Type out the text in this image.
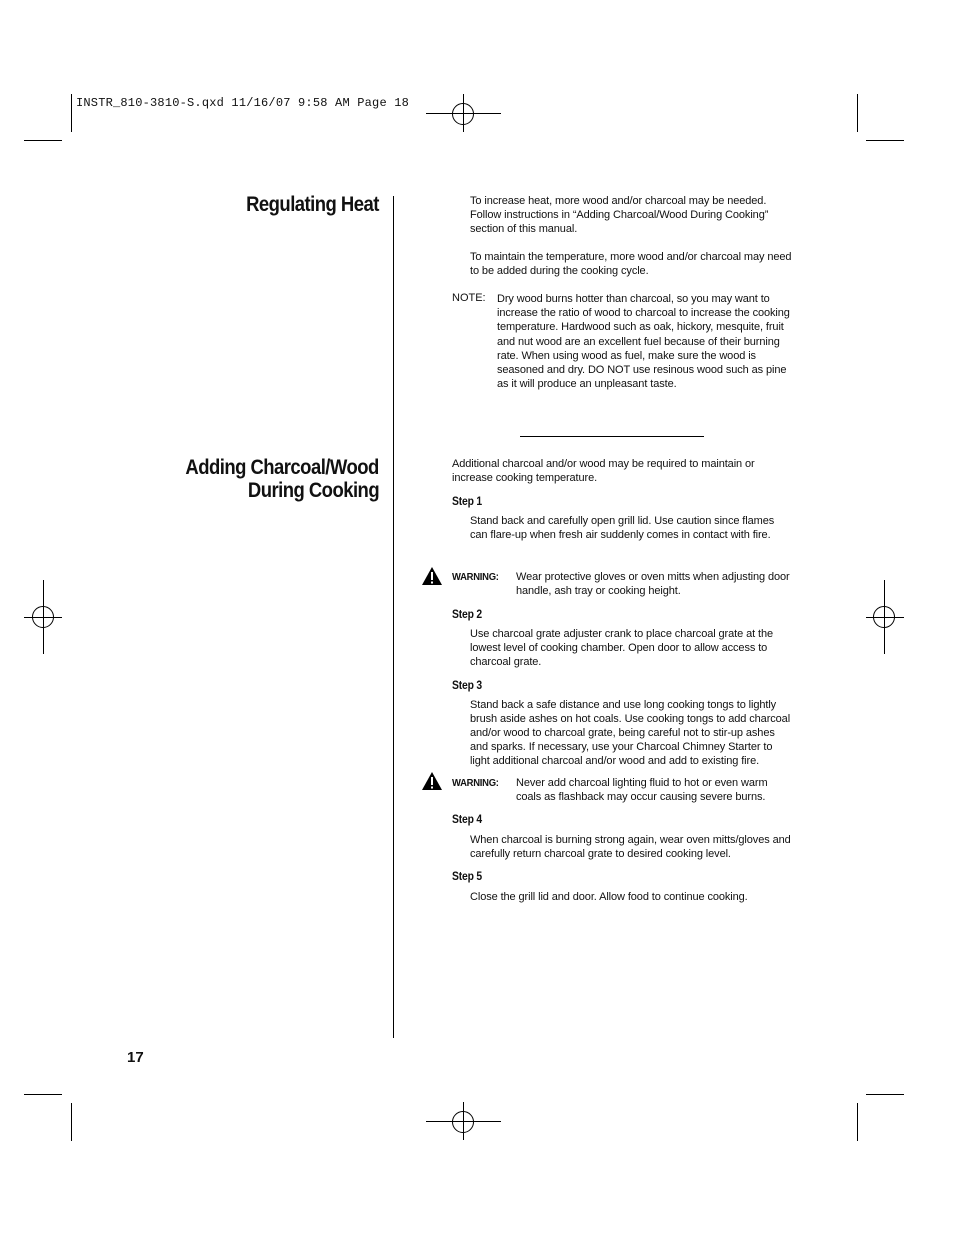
INSTR_810-3810-S.qxd 11/16/07 9:58 AM Page 18
Regulating Heat
Adding Charcoal/Wood
During Cooking
To increase heat, more wood and/or charcoal may be needed.
Follow instructions in “Adding Charcoal/Wood During Cooking”
section of this manual.
To maintain the temperature, more wood and/or charcoal may need
to be added during the cooking cycle.
NOTE: Dry wood burns hotter than charcoal, so you may want to
increase the ratio of wood to charcoal to increase the cooking
temperature. Hardwood such as oak, hickory, mesquite, fruit
and nut wood are an excellent fuel because of their burning
rate. When using wood as fuel, make sure the wood is
seasoned and dry. DO NOT use resinous wood such as pine
as it will produce an unpleasant taste.
Additional charcoal and/or wood may be required to maintain or
increase cooking temperature.
Step 1
Stand back and carefully open grill lid. Use caution since flames
can flare-up when fresh air suddenly comes in contact with fire.
WARNING: Wear protective gloves or oven mitts when adjusting door
handle, ash tray or cooking height.
Step 2
Use charcoal grate adjuster crank to place charcoal grate at the
lowest level of cooking chamber. Open door to allow access to
charcoal grate.
Step 3
Stand back a safe distance and use long cooking tongs to lightly
brush aside ashes on hot coals. Use cooking tongs to add charcoal
and/or wood to charcoal grate, being careful not to stir-up ashes
and sparks. If necessary, use your Charcoal Chimney Starter to
light additional charcoal and/or wood and add to existing fire.
WARNING: Never add charcoal lighting fluid to hot or even warm
coals as flashback may occur causing severe burns.
Step 4
When charcoal is burning strong again, wear oven mitts/gloves and
carefully return charcoal grate to desired cooking level.
Step 5
Close the grill lid and door. Allow food to continue cooking.
17
